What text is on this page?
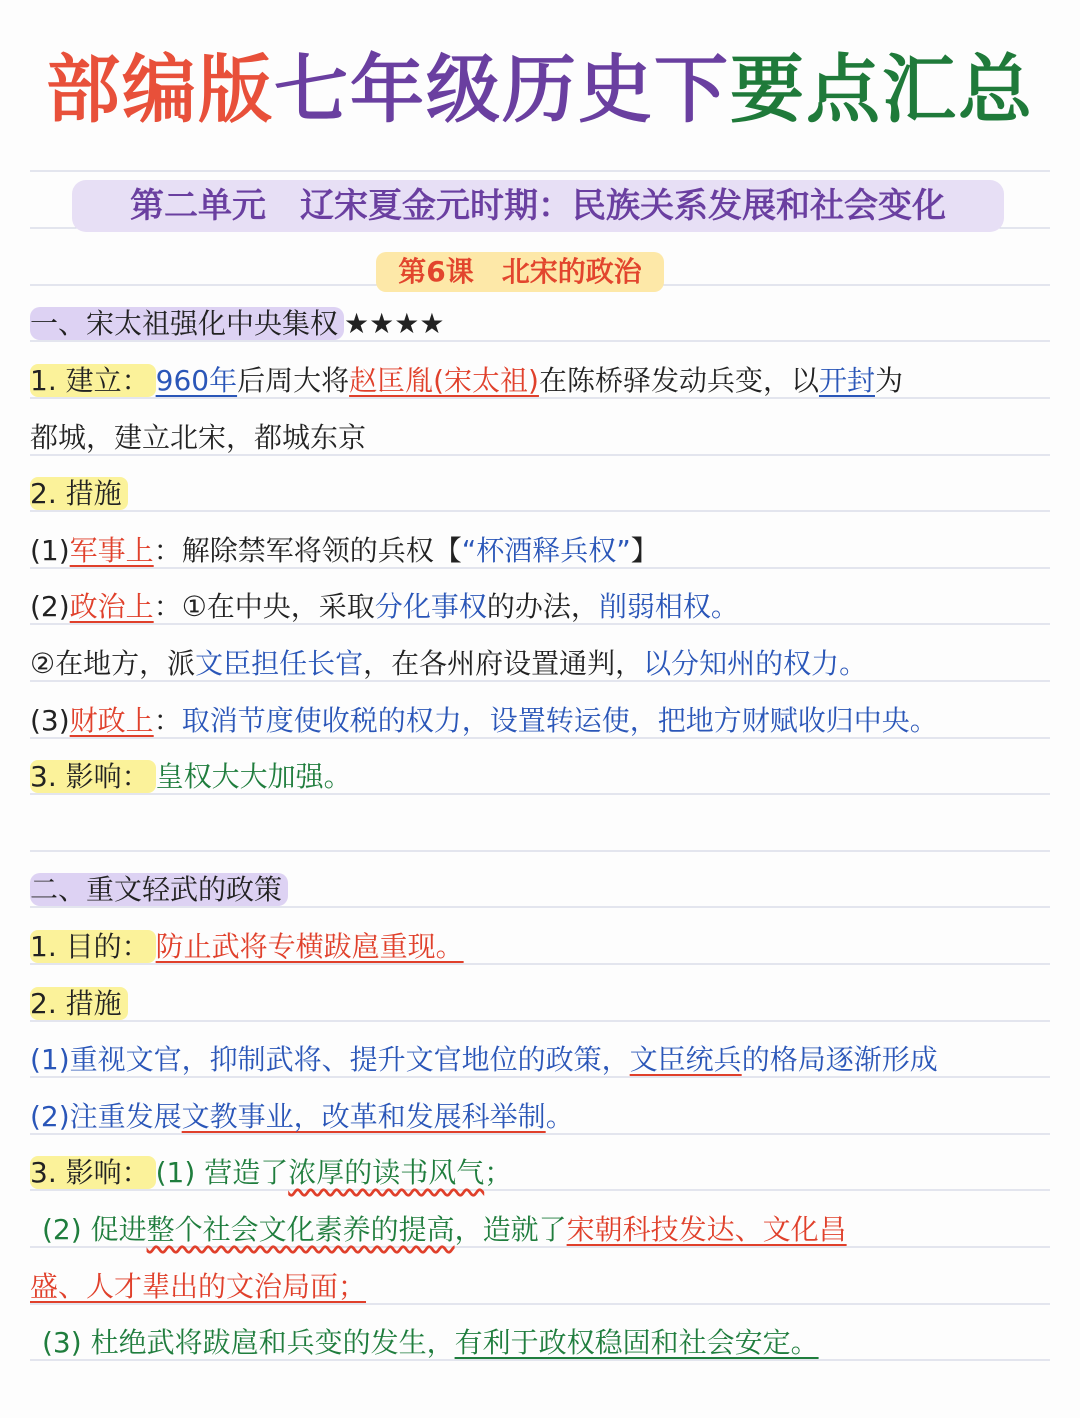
部编版七年级历史下要点汇总
第二单元　辽宋夏金元时期：民族关系发展和社会变化
第6课　北宋的政治
一、宋太祖强化中央集权 ★★★★
1. 建立： 960年后周大将赵匡胤(宋太祖)在陈桥驿发动兵变，以开封为
都城，建立北宋，都城东京
2. 措施
(1)军事上：解除禁军将领的兵权【“杯酒释兵权”】
(2)政治上：①在中央，采取分化事权的办法，削弱相权。
②在地方，派文臣担任长官，在各州府设置通判，以分知州的权力。
(3)财政上：取消节度使收税的权力，设置转运使，把地方财赋收归中央。
3. 影响： 皇权大大加强。
二、重文轻武的政策
1. 目的： 防止武将专横跋扈重现。
2. 措施
(1)重视文官，抑制武将、提升文官地位的政策，文臣统兵的格局逐渐形成
(2)注重发展文教事业，改革和发展科举制。
3. 影响： (1) 营造了浓厚的读书风气；
(2) 促进整个社会文化素养的提高，造就了宋朝科技发达、文化昌
盛、人才辈出的文治局面；
(3) 杜绝武将跋扈和兵变的发生，有利于政权稳固和社会安定。
